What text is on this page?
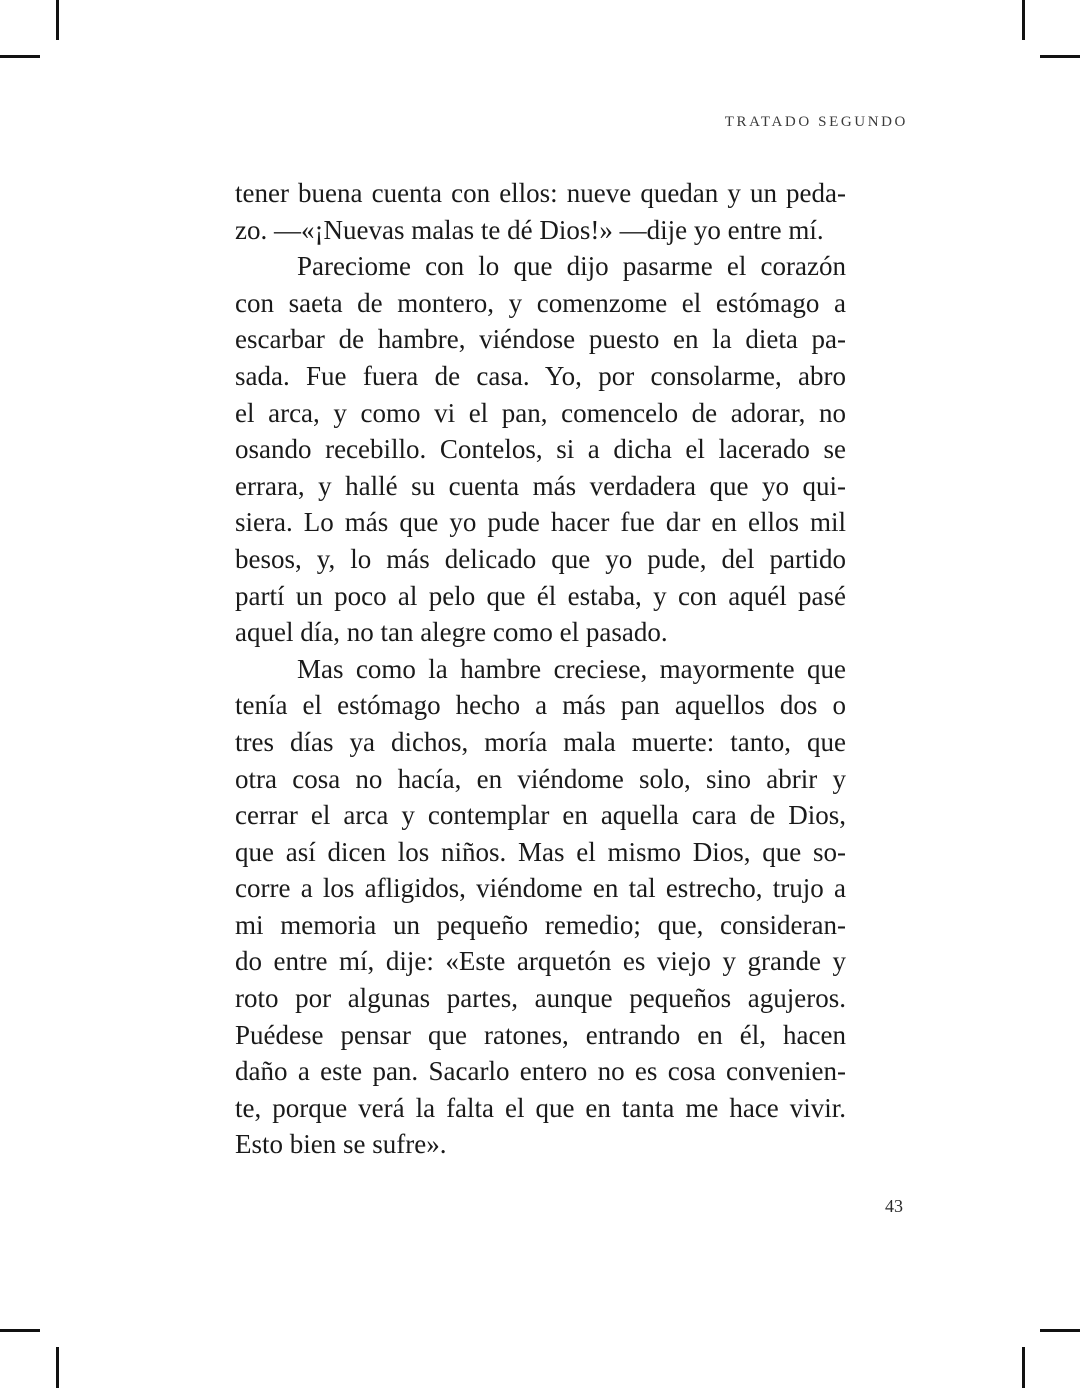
TRATADO SEGUNDO
tener buena cuenta con ellos: nueve quedan y un peda-
zo. —«¡Nuevas malas te dé Dios!» —dije yo entre mí.
Pareciome con lo que dijo pasarme el corazón
con saeta de montero, y comenzome el estómago a
escarbar de hambre, viéndose puesto en la dieta pa-
sada. Fue fuera de casa. Yo, por consolarme, abro
el arca, y como vi el pan, comencelo de adorar, no
osando recebillo. Contelos, si a dicha el lacerado se
errara, y hallé su cuenta más verdadera que yo qui-
siera. Lo más que yo pude hacer fue dar en ellos mil
besos, y, lo más delicado que yo pude, del partido
partí un poco al pelo que él estaba, y con aquél pasé
aquel día, no tan alegre como el pasado.
Mas como la hambre creciese, mayormente que
tenía el estómago hecho a más pan aquellos dos o
tres días ya dichos, moría mala muerte: tanto, que
otra cosa no hacía, en viéndome solo, sino abrir y
cerrar el arca y contemplar en aquella cara de Dios,
que así dicen los niños. Mas el mismo Dios, que so-
corre a los afligidos, viéndome en tal estrecho, trujo a
mi memoria un pequeño remedio; que, consideran-
do entre mí, dije: «Este arquetón es viejo y grande y
roto por algunas partes, aunque pequeños agujeros.
Puédese pensar que ratones, entrando en él, hacen
daño a este pan. Sacarlo entero no es cosa convenien-
te, porque verá la falta el que en tanta me hace vivir.
Esto bien se sufre».
43
